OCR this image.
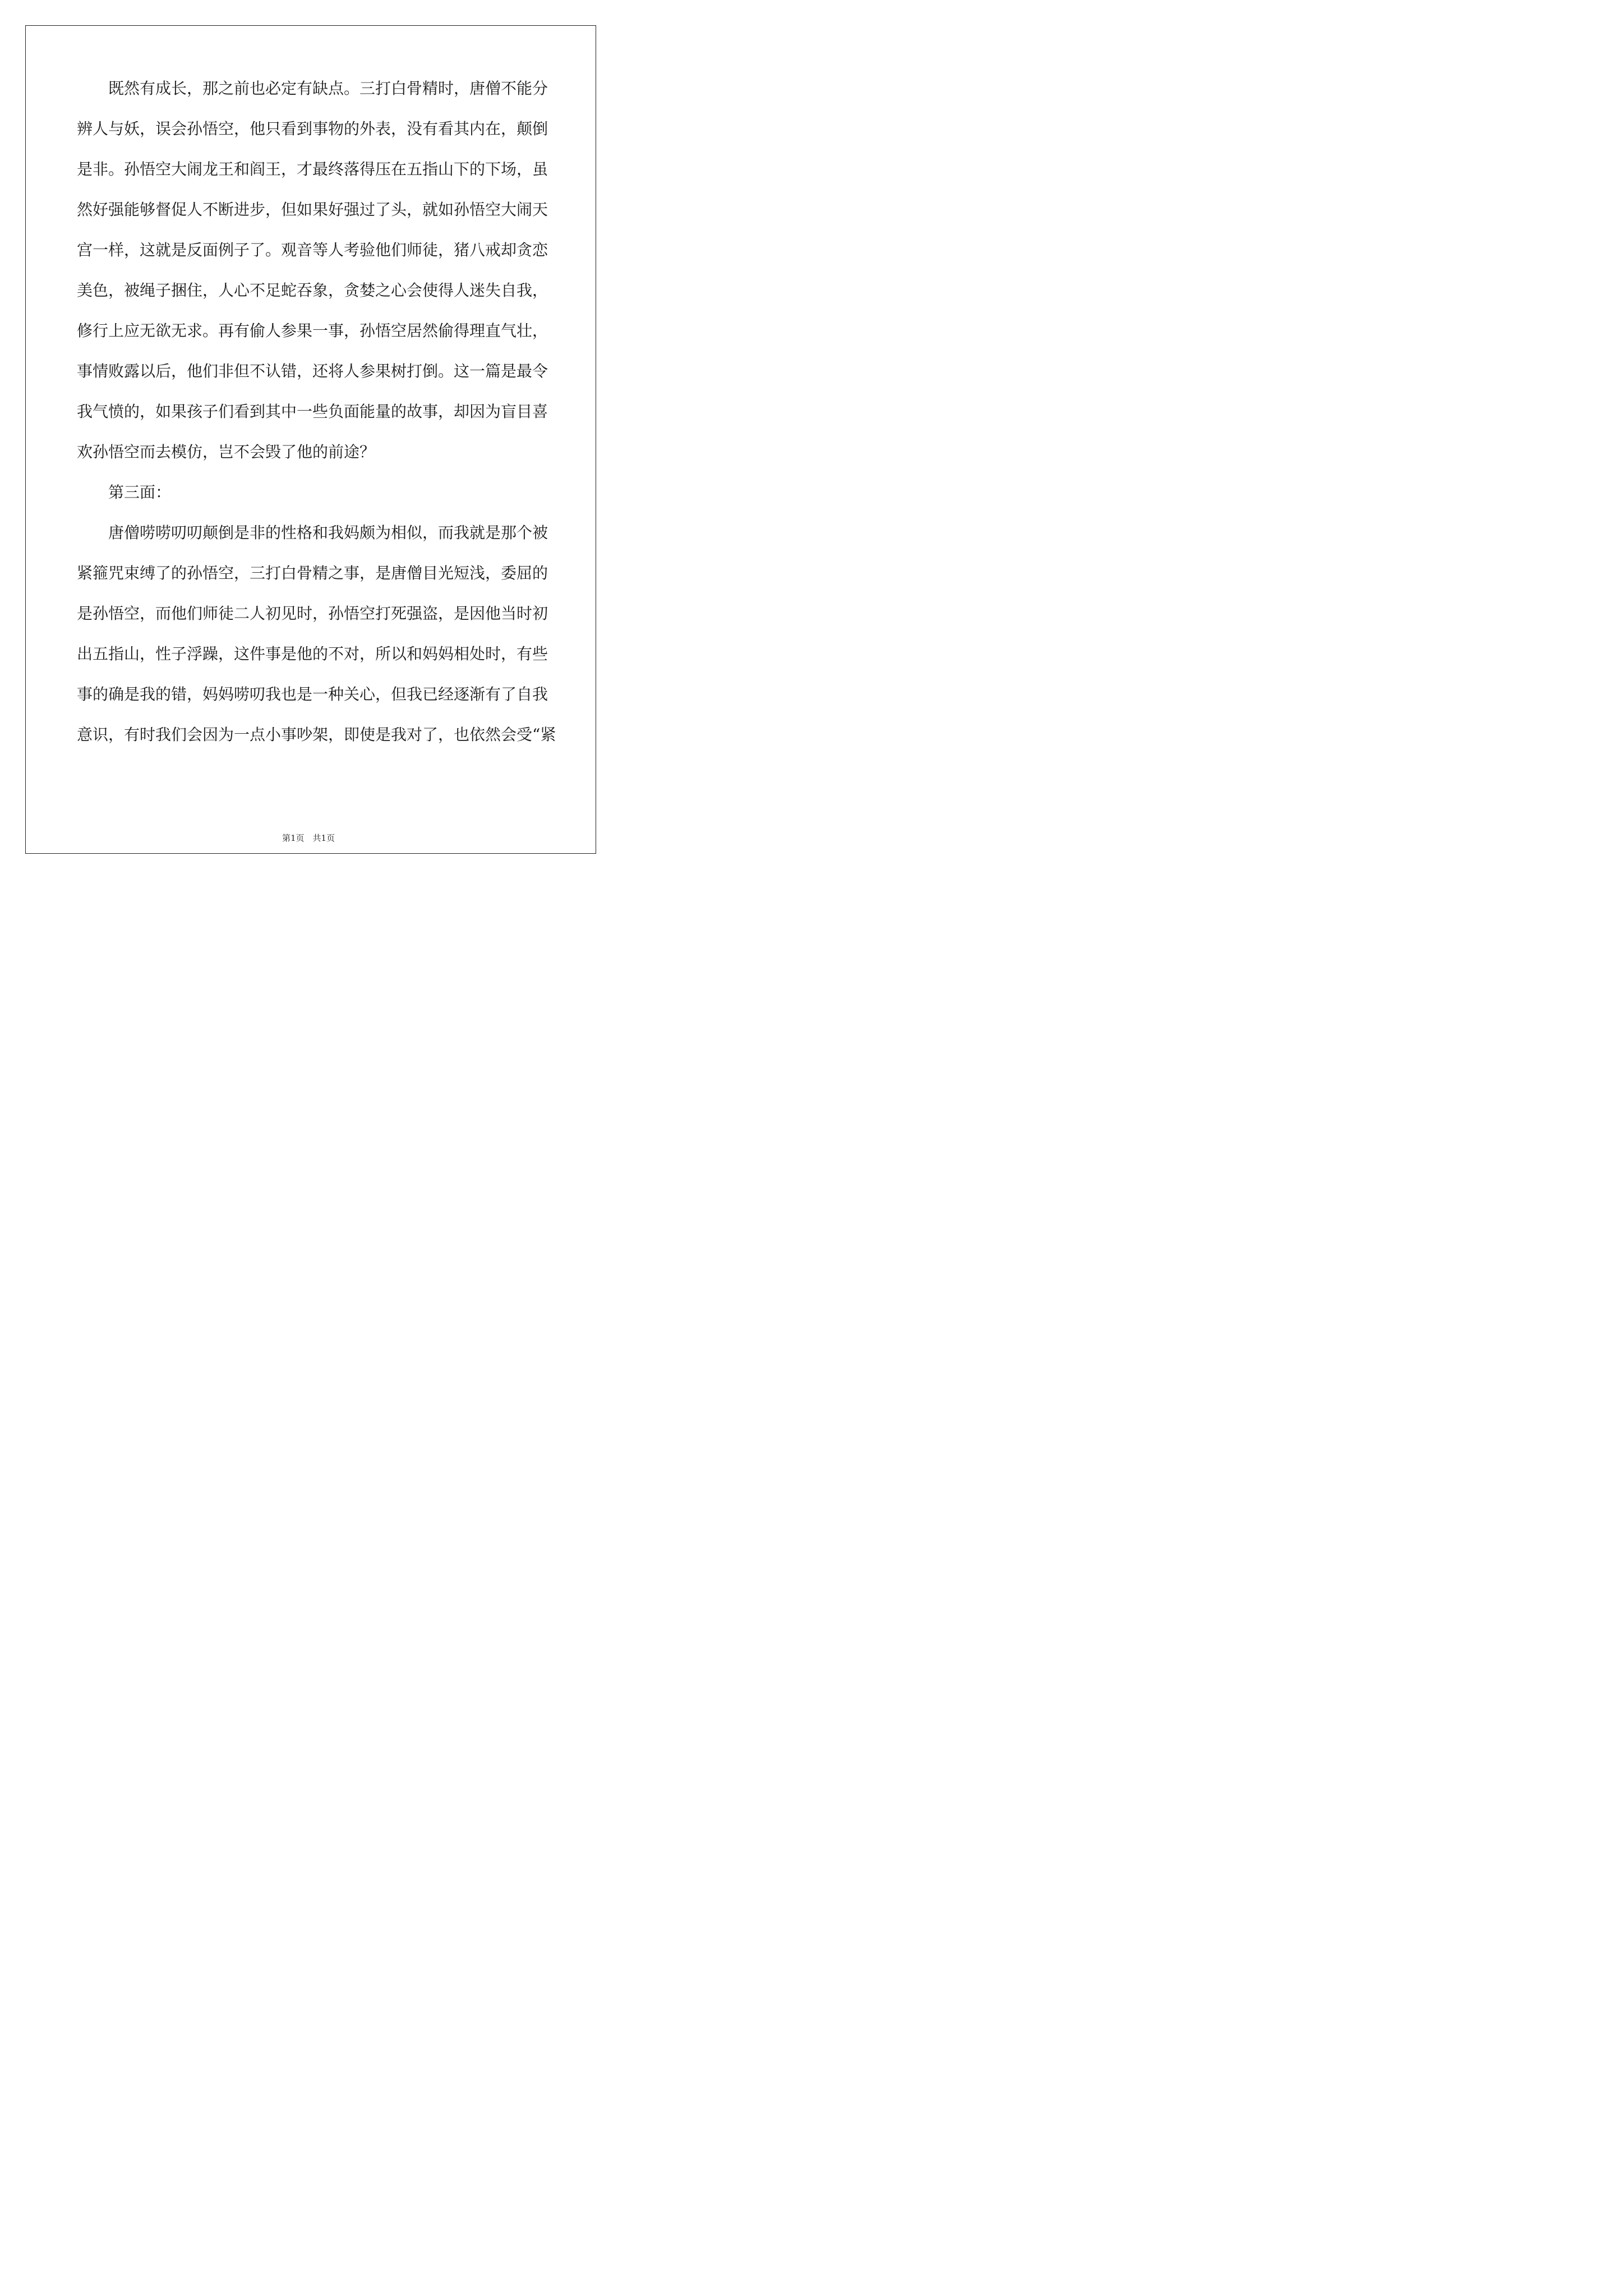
既然有成长，那之前也必定有缺点。三打白骨精时，唐僧不能分
辨人与妖，误会孙悟空，他只看到事物的外表，没有看其内在，颠倒
是非。孙悟空大闹龙王和阎王，才最终落得压在五指山下的下场，虽
然好强能够督促人不断进步，但如果好强过了头，就如孙悟空大闹天
宫一样，这就是反面例子了。观音等人考验他们师徒，猪八戒却贪恋
美色，被绳子捆住，人心不足蛇吞象，贪婪之心会使得人迷失自我，
修行上应无欲无求。再有偷人参果一事，孙悟空居然偷得理直气壮，
事情败露以后，他们非但不认错，还将人参果树打倒。这一篇是最令
我气愤的，如果孩子们看到其中一些负面能量的故事，却因为盲目喜
欢孙悟空而去模仿，岂不会毁了他的前途？
第三面：
唐僧唠唠叨叨颠倒是非的性格和我妈颇为相似，而我就是那个被
紧箍咒束缚了的孙悟空，三打白骨精之事，是唐僧目光短浅，委屈的
是孙悟空，而他们师徒二人初见时，孙悟空打死强盗，是因他当时初
出五指山，性子浮躁，这件事是他的不对，所以和妈妈相处时，有些
事的确是我的错，妈妈唠叨我也是一种关心，但我已经逐渐有了自我
意识，有时我们会因为一点小事吵架，即使是我对了，也依然会受“紧
第1页　共1页
